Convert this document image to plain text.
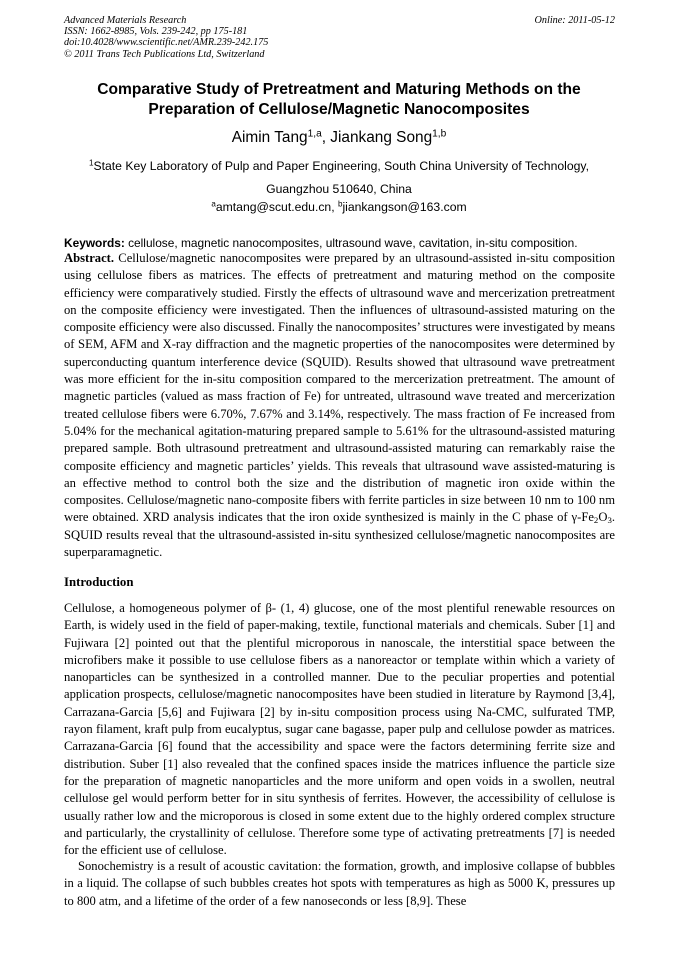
Advanced Materials Research
ISSN: 1662-8985, Vols. 239-242, pp 175-181
doi:10.4028/www.scientific.net/AMR.239-242.175
© 2011 Trans Tech Publications Ltd, Switzerland
Online: 2011-05-12
Comparative Study of Pretreatment and Maturing Methods on the
Preparation of Cellulose/Magnetic Nanocomposites
Aimin Tang$^{1,a}$, Jiankang Song$^{1,b}$
$^1$State Key Laboratory of Pulp and Paper Engineering, South China University of Technology,
Guangzhou 510640, China
$^a$amtang@scut.edu.cn, $^b$jiankangson@163.com
Keywords: cellulose, magnetic nanocomposites, ultrasound wave, cavitation, in-situ composition.
Abstract. Cellulose/magnetic nanocomposites were prepared by an ultrasound-assisted in-situ composition using cellulose fibers as matrices. The effects of pretreatment and maturing method on the composite efficiency were comparatively studied. Firstly the effects of ultrasound wave and mercerization pretreatment on the composite efficiency were investigated. Then the influences of ultrasound-assisted maturing on the composite efficiency were also discussed. Finally the nanocomposites’ structures were investigated by means of SEM, AFM and X-ray diffraction and the magnetic properties of the nanocomposites were determined by superconducting quantum interference device (SQUID). Results showed that ultrasound wave pretreatment was more efficient for the in-situ composition compared to the mercerization pretreatment. The amount of magnetic particles (valued as mass fraction of Fe) for untreated, ultrasound wave treated and mercerization treated cellulose fibers were 6.70%, 7.67% and 3.14%, respectively. The mass fraction of Fe increased from 5.04% for the mechanical agitation-maturing prepared sample to 5.61% for the ultrasound-assisted maturing prepared sample. Both ultrasound pretreatment and ultrasound-assisted maturing can remarkably raise the composite efficiency and magnetic particles’ yields. This reveals that ultrasound wave assisted-maturing is an effective method to control both the size and the distribution of magnetic iron oxide within the composites. Cellulose/magnetic nano-composite fibers with ferrite particles in size between 10 nm to 100 nm were obtained. XRD analysis indicates that the iron oxide synthesized is mainly in the C phase of $\gamma-Fe_2O_3$. SQUID results reveal that the ultrasound-assisted in-situ synthesized cellulose/magnetic nanocomposites are superparamagnetic.
Introduction
Cellulose, a homogeneous polymer of β- (1, 4) glucose, one of the most plentiful renewable resources on Earth, is widely used in the field of paper-making, textile, functional materials and chemicals. Suber [1] and Fujiwara [2] pointed out that the plentiful microporous in nanoscale, the interstitial space between the microfibers make it possible to use cellulose fibers as a nanoreactor or template within which a variety of nanoparticles can be synthesized in a controlled manner. Due to the peculiar properties and potential application prospects, cellulose/magnetic nanocomposites have been studied in literature by Raymond [3,4], Carrazana-Garcia [5,6] and Fujiwara [2] by in-situ composition process using Na-CMC, sulfurated TMP, rayon filament, kraft pulp from eucalyptus, sugar cane bagasse, paper pulp and cellulose powder as matrices. Carrazana-Garcia [6] found that the accessibility and space were the factors determining ferrite size and distribution. Suber [1] also revealed that the confined spaces inside the matrices influence the particle size for the preparation of magnetic nanoparticles and the more uniform and open voids in a swollen, neutral cellulose gel would perform better for in situ synthesis of ferrites. However, the accessibility of cellulose is usually rather low and the microporous is closed in some extent due to the highly ordered complex structure and particularly, the crystallinity of cellulose. Therefore some type of activating pretreatments [7] is needed for the efficient use of cellulose.
Sonochemistry is a result of acoustic cavitation: the formation, growth, and implosive collapse of bubbles in a liquid. The collapse of such bubbles creates hot spots with temperatures as high as 5000 K, pressures up to 800 atm, and a lifetime of the order of a few nanoseconds or less [8,9]. These
